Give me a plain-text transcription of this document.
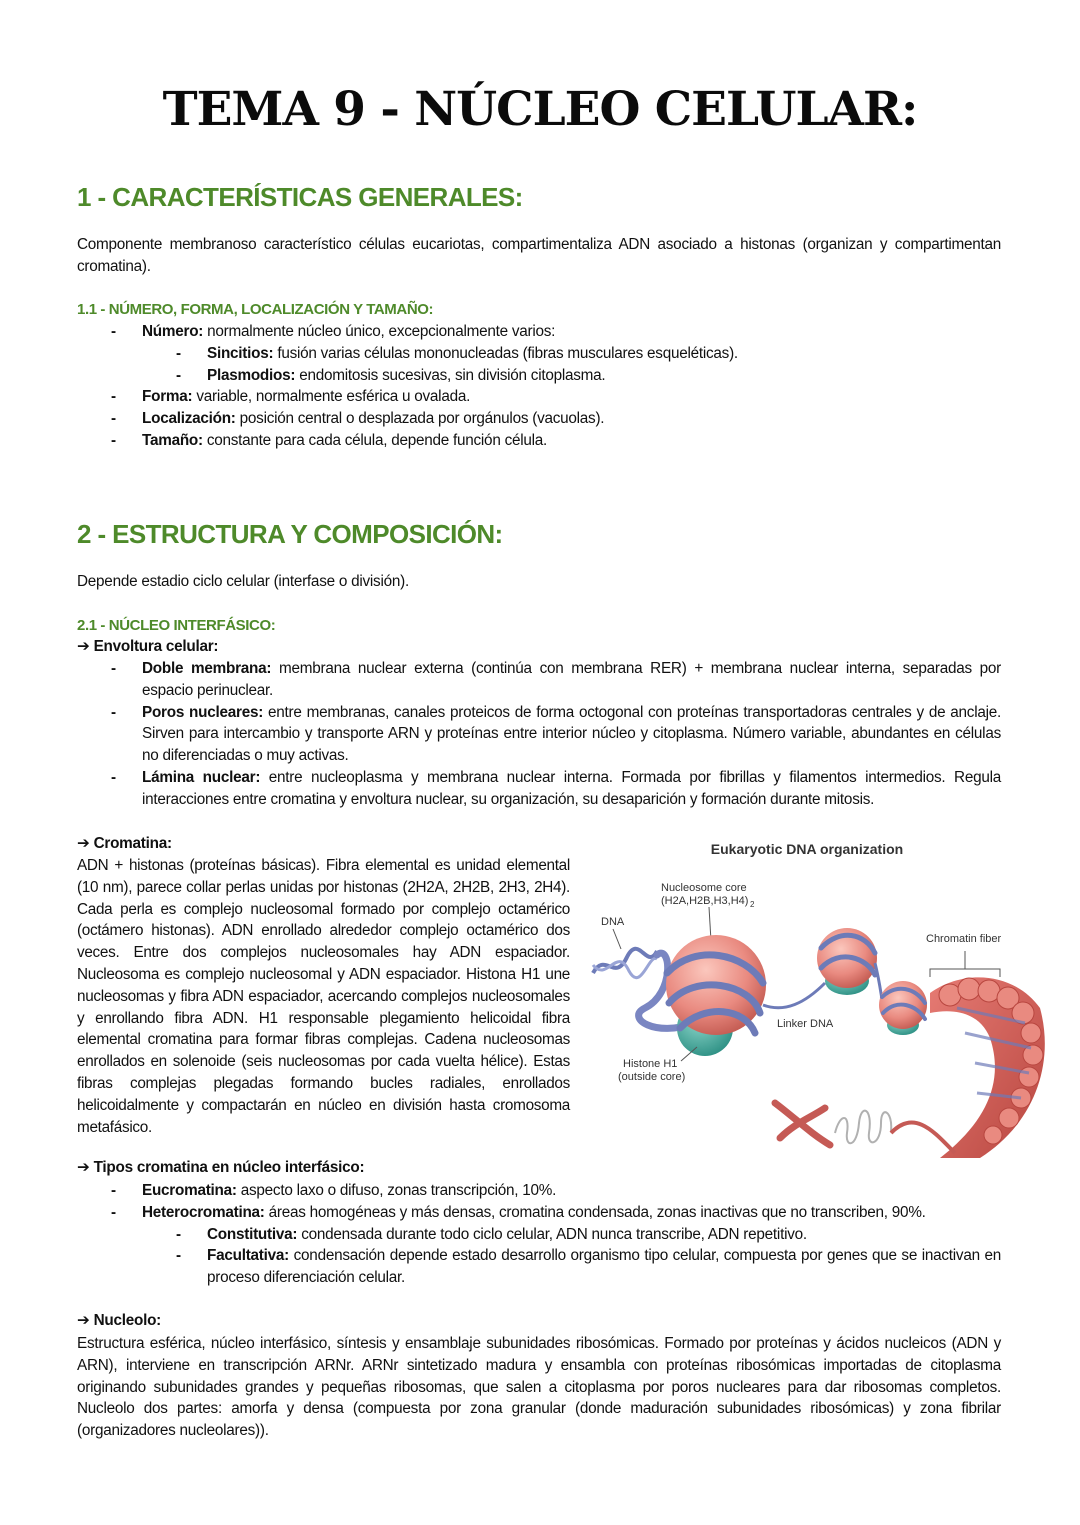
TEMA 9 - NÚCLEO CELULAR:
1 - CARACTERÍSTICAS GENERALES:

Componente membranoso característico células eucariotas, compartimentaliza ADN asociado a histonas (organizan y compartimentan cromatina).

1.1 - NÚMERO, FORMA, LOCALIZACIÓN Y TAMAÑO:
- Número: normalmente núcleo único, excepcionalmente varios:
- Sincitios: fusión varias células mononucleadas (fibras musculares esqueléticas).
- Plasmodios: endomitosis sucesivas, sin división citoplasma.
- Forma: variable, normalmente esférica u ovalada.
- Localización: posición central o desplazada por orgánulos (vacuolas).
- Tamaño: constante para cada célula, depende función célula.
2 - ESTRUCTURA Y COMPOSICIÓN:

Depende estadio ciclo celular (interfase o división).

2.1 - NÚCLEO INTERFÁSICO:

➔ Envoltura celular:

- Doble membrana: membrana nuclear externa (continúa con membrana RER) + membrana nuclear interna, separadas por espacio perinuclear.
- Poros nucleares: entre membranas, canales proteicos de forma octogonal con proteínas transportadoras centrales y de anclaje. Sirven para intercambio y transporte ARN y proteínas entre interior núcleo y citoplasma. Número variable, abundantes en células no diferenciadas o muy activas.
- Lámina nuclear: entre nucleoplasma y membrana nuclear interna. Formada por fibrillas y filamentos intermedios. Regula interacciones entre cromatina y envoltura nuclear, su organización, su desaparición y formación durante mitosis.

➔ Cromatina:

ADN + histonas (proteínas básicas). Fibra elemental es unidad elemental (10 nm), parece collar perlas unidas por histonas (2H2A, 2H2B, 2H3, 2H4). Cada perla es complejo nucleosomal formado por complejo octamérico (octámero histonas). ADN enrollado alrededor complejo octamérico dos veces. Entre dos complejos nucleosomales hay ADN espaciador. Nucleosoma es complejo nucleosomal y ADN espaciador. Histona H1 une nucleosomas y fibra ADN espaciador, acercando complejos nucleosomales y enrollando fibra ADN. H1 responsable plegamiento helicoidal fibra elemental cromatina para formar fibras complejas. Cadena nucleosomas enrollados en solenoide (seis nucleosomas por cada vuelta hélice). Estas fibras complejas plegadas formando bucles radiales, enrollados helicoidalmente y compactarán en núcleo en división hasta cromosoma metafásico.

Eukaryotic DNA organization
Nucleosome core
(H2A,H2B,H3,H4) 2
DNA
Chromatin fiber
Linker DNA
Histone H1
(outside core)

➔ Tipos cromatina en núcleo interfásico:

- Eucromatina: aspecto laxo o difuso, zonas transcripción, 10%.
- Heterocromatina: áreas homogéneas y más densas, cromatina condensada, zonas inactivas que no transcriben, 90%.
- Constitutiva: condensada durante todo ciclo celular, ADN nunca transcribe, ADN repetitivo.
- Facultativa: condensación depende estado desarrollo organismo tipo celular, compuesta por genes que se inactivan en proceso diferenciación celular.

➔ Nucleolo:

Estructura esférica, núcleo interfásico, síntesis y ensamblaje subunidades ribosómicas. Formado por proteínas y ácidos nucleicos (ADN y ARN), interviene en transcripción ARNr. ARNr sintetizado madura y ensambla con proteínas ribosómicas importadas de citoplasma originando subunidades grandes y pequeñas ribosomas, que salen a citoplasma por poros nucleares para dar ribosomas completos. Nucleolo dos partes: amorfa y densa (compuesta por zona granular (donde maduración subunidades ribosómicas) y zona fibrilar (organizadores nucleolares)).
